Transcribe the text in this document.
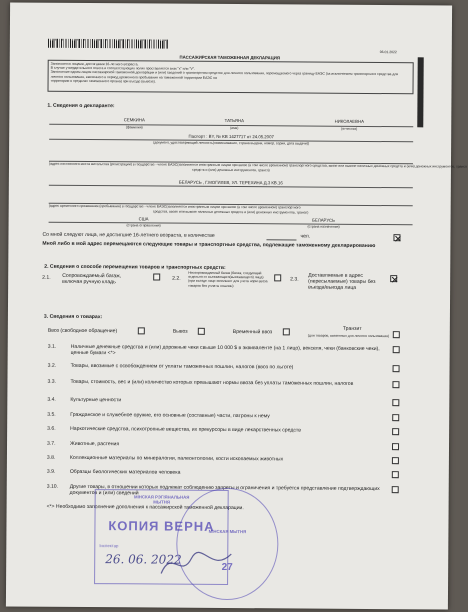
06.01.2022
ПАССАЖИРСКАЯ ТАМОЖЕННАЯ ДЕКЛАРАЦИЯ
Заполняется лицами, достигшими 16-летнего возраста.
В случае утвердительного ответа и соответствующих полях проставляется знак "х" или "V".
Заполнение одним лицом пассажирской таможенной декларации и (или) сведений о транспортном средстве для личного пользования, перемещаемого через границу ЕАЭС (за исключением транспортного средства для личного пользования, ввезенного в период временного пребывания на таможенной территории ЕАЭС на
территорию в пределах таможенного органа) при въезде (вывозе).
1. Сведения о декларанте:
СЕМКИНА	ТАТЬЯНА	НИКОЛАЕВНА
(фамилия)	(имя)	(отчество)
Паспорт : BY, № KB 1427717 от 24.05.2007
(документ, удостоверяющий личность(наименование, страна выдачи, номер, серия, дата выдачи))
(адрес постоянного места жительства (регистрации) в государстве - члене ЕАЭС(заполняется иностранным лицом при ввозе (в том числе временном) транспортного средства, ввозе или вывозе наличных денежных средств и (или) денежных инструментов, трансп
средств и (или) денежных инструментов, трансп)
БЕЛАРУСЬ , Г.МОГИЛЕВ, УЛ. ТЕРЕХИНА Д.3 КВ.16
(адрес временного проживания (пребывания) в государстве - члене ЕАЭС(заполняется иностранным лицом при ввозе (в том числе временном) транспортного
средства, ввозе или вывозе наличных денежных средств и (или) денежных инструментов, трансп)
США	БЕЛАРУСЬ
(страна отправления)	(страна назначения)
Со мной следуют лица, не достигшие 16-летнего возраста, в количестве	чел.
Мной либо в мой адрес перемещаются следующие товары и транспортные средства, подлежащие таможенному декларированию
2. Сведения о способе перемещения товаров и транспортных средств:
2.1. Сопровождаемый багаж, включая ручную кладь
2.2.
Несопровождаемый багаж (багаж, следующий отдельно от въезжающего(выезжающего) лица) (при въезде лицо заполняет для учета норм ввоза товаров без уплаты пошлин)
2.3.
Доставляемые в адрес (пересылаемые) товары без въезда/выезда лица
3. Сведения о товарах:
Ввоз (свободное обращение)	Вывоз	Временный ввоз
Транзит
(для товаров, ввезенных для личного пользования)
3.1.	Наличные денежные средства и (или) дорожные чеки свыше 10 000 $ в эквиваленте (на 1 лицо), векселя, чеки (банковские чеки), ценные бумаги <*>
3.2.	Товары, ввозимые с освобождением от уплаты таможенных пошлин, налогов (ввоз по льготе)
3.3.	Товары, стоимость, вес и (или) количество которых превышают нормы ввоза без уплаты таможенных пошлин, налогов
3.4.	Культурные ценности
3.5.	Гражданское и служебное оружие, его основные (составные) части, патроны к нему
3.6.	Наркотические средства, психотропные вещества, их прекурсоры в виде лекарственных средств
3.7.	Животные, растения
3.8.	Коллекционные материалы по минералогии, палеонтологии, кости ископаемых животных
3.9.	Образцы биологических материалов человека
3.10. Другие товары, в отношении которых подлежат соблюдению запреты и ограничения и требуется представление подтверждающих документов и (или) сведений
<*> Необходимо заполнение дополнения к пассажирской таможенной декларации.
МІНСКАЯ РЭГІЯНАЛЬНАЯ
МЫТНЯ
КОПИЯ ВЕРНА
Інспектар
26. 06. 2022
МІНСКАЯ МЫТНЯ
27
